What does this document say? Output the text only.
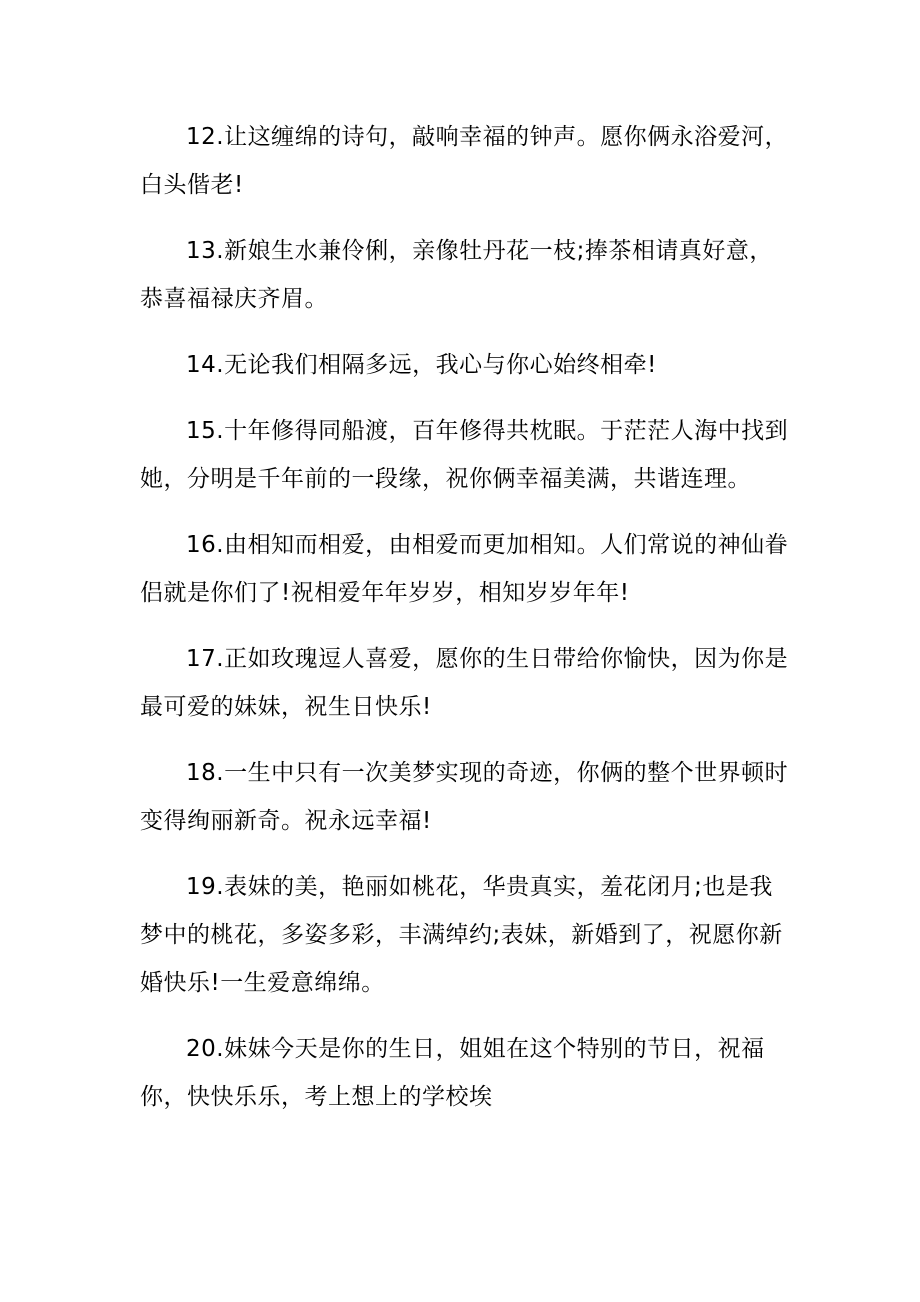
12.让这缠绵的诗句，敲响幸福的钟声。愿你俩永浴爱河，白头偕老!

13.新娘生水兼伶俐，亲像牡丹花一枝;捧茶相请真好意，恭喜福禄庆齐眉。

14.无论我们相隔多远，我心与你心始终相牵!

15.十年修得同船渡，百年修得共枕眠。于茫茫人海中找到她，分明是千年前的一段缘，祝你俩幸福美满，共谐连理。

16.由相知而相爱，由相爱而更加相知。人们常说的神仙眷侣就是你们了!祝相爱年年岁岁，相知岁岁年年!

17.正如玫瑰逗人喜爱，愿你的生日带给你愉快，因为你是最可爱的妹妹，祝生日快乐!

18.一生中只有一次美梦实现的奇迹，你俩的整个世界顿时变得绚丽新奇。祝永远幸福!

19.表妹的美，艳丽如桃花，华贵真实，羞花闭月;也是我梦中的桃花，多姿多彩，丰满绰约;表妹，新婚到了，祝愿你新婚快乐!一生爱意绵绵。

20.妹妹今天是你的生日，姐姐在这个特别的节日，祝福你，快快乐乐，考上想上的学校埃
